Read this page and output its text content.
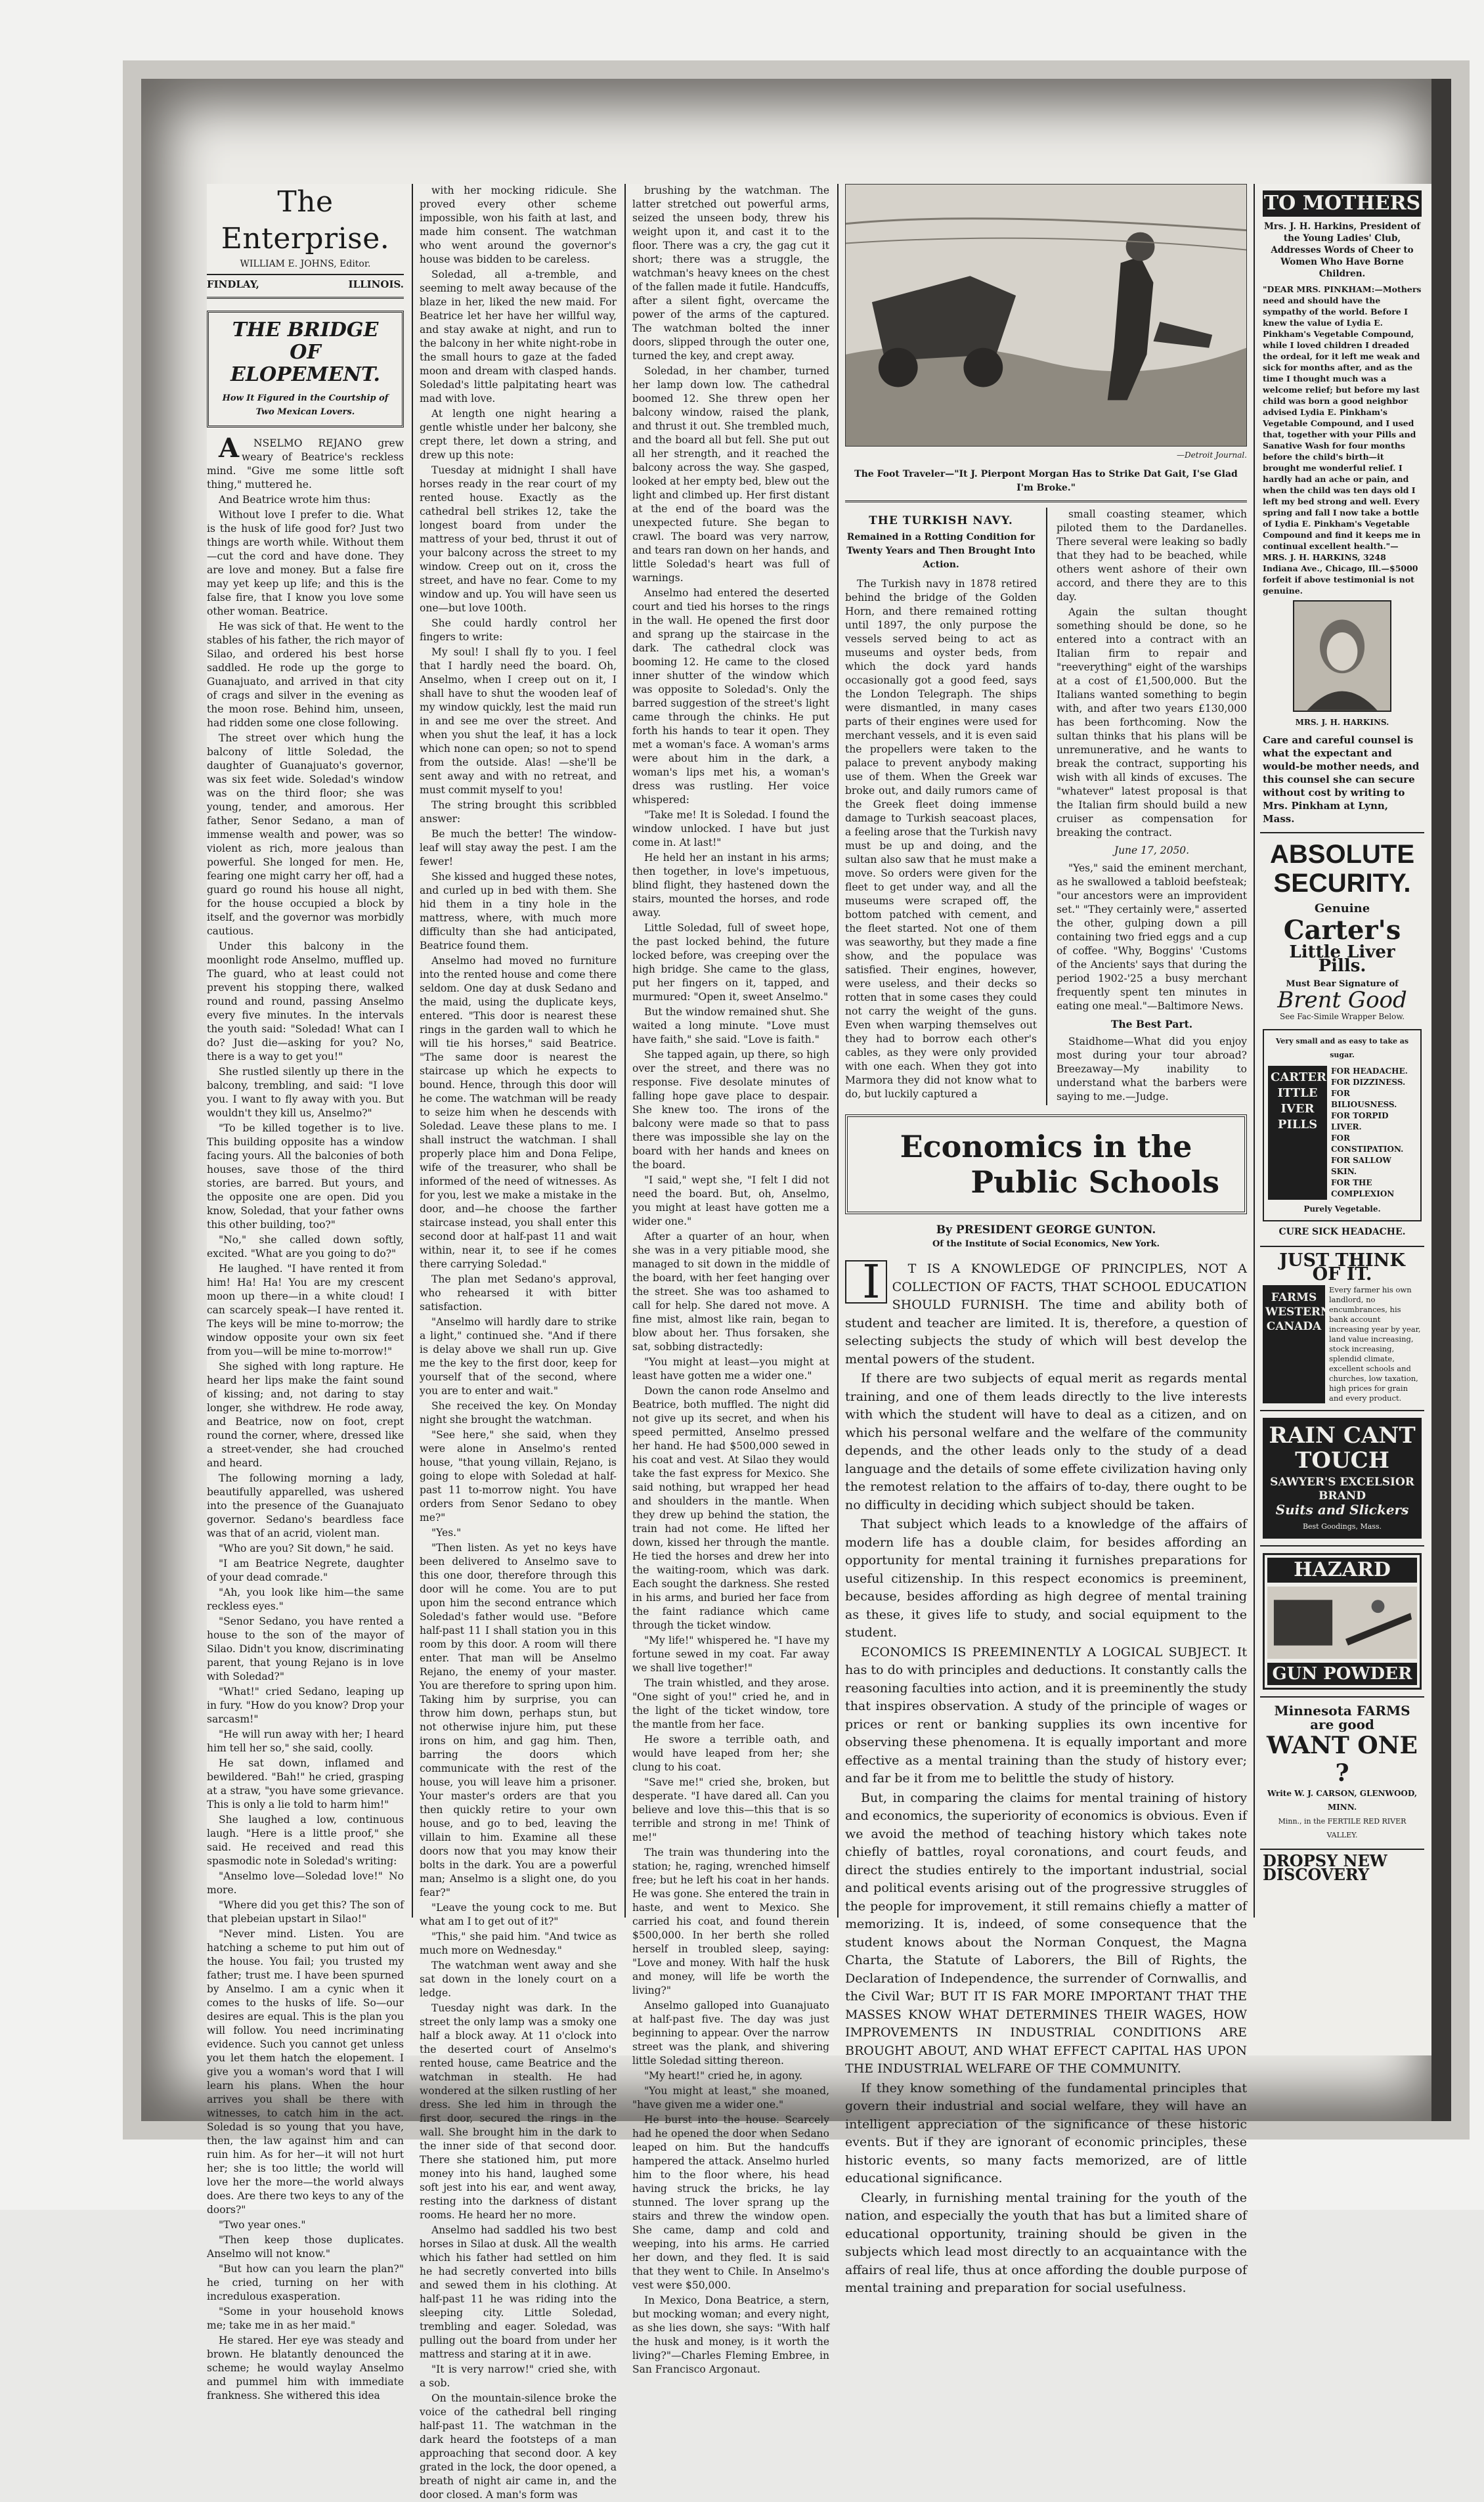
The Enterprise.
WILLIAM E. JOHNS, Editor.
FINDLAY,	ILLINOIS.
THE BRIDGE OF ELOPEMENT.
How It Figured in the Courtship of Two Mexican Lovers.

ANSELMO REJANO grew weary of Beatrice's reckless mind. "Give me some little soft thing," muttered he.

And Beatrice wrote him thus:

Without love I prefer to die. What is the husk of life good for? Just two things are worth while. Without them—cut the cord and have done. They are love and money. But a false fire may yet keep up life; and this is the false fire, that I know you love some other woman. Beatrice.

He was sick of that. He went to the stables of his father, the rich mayor of Silao, and ordered his best horse saddled. He rode up the gorge to Guanajuato, and arrived in that city of crags and silver in the evening as the moon rose. Behind him, unseen, had ridden some one close following.

The street over which hung the balcony of little Soledad, the daughter of Guanajuato's governor, was six feet wide. Soledad's window was on the third floor; she was young, tender, and amorous. Her father, Senor Sedano, a man of immense wealth and power, was so violent as rich, more jealous than powerful. She longed for men. He, fearing one might carry her off, had a guard go round his house all night, for the house occupied a block by itself, and the governor was morbidly cautious.

Under this balcony in the moonlight rode Anselmo, muffled up. The guard, who at least could not prevent his stopping there, walked round and round, passing Anselmo every five minutes. In the intervals the youth said: "Soledad! What can I do? Just die—asking for you? No, there is a way to get you!"

She rustled silently up there in the balcony, trembling, and said: "I love you. I want to fly away with you. But wouldn't they kill us, Anselmo?"

"To be killed together is to live. This building opposite has a window facing yours. All the balconies of both houses, save those of the third stories, are barred. But yours, and the opposite one are open. Did you know, Soledad, that your father owns this other building, too?"

"No," she called down softly, excited. "What are you going to do?"

He laughed. "I have rented it from him! Ha! Ha! You are my crescent moon up there—in a white cloud! I can scarcely speak—I have rented it. The keys will be mine to-morrow; the window opposite your own six feet from you—will be mine to-morrow!"

She sighed with long rapture. He heard her lips make the faint sound of kissing; and, not daring to stay longer, she withdrew. He rode away, and Beatrice, now on foot, crept round the corner, where, dressed like a street-vender, she had crouched and heard.

The following morning a lady, beautifully apparelled, was ushered into the presence of the Guanajuato governor. Sedano's beardless face was that of an acrid, violent man.

"Who are you? Sit down," he said.

"I am Beatrice Negrete, daughter of your dead comrade."

"Ah, you look like him—the same reckless eyes."

"Senor Sedano, you have rented a house to the son of the mayor of Silao. Didn't you know, discriminating parent, that young Rejano is in love with Soledad?"

"What!" cried Sedano, leaping up in fury. "How do you know? Drop your sarcasm!"

"He will run away with her; I heard him tell her so," she said, coolly.

He sat down, inflamed and bewildered. "Bah!" he cried, grasping at a straw, "you have some grievance. This is only a lie told to harm him!"

She laughed a low, continuous laugh. "Here is a little proof," she said. He received and read this spasmodic note in Soledad's writing:

"Anselmo love—Soledad love!" No more.

"Where did you get this? The son of that plebeian upstart in Silao!"

"Never mind. Listen. You are hatching a scheme to put him out of the house. You fail; you trusted my father; trust me. I have been spurned by Anselmo. I am a cynic when it comes to the husks of life. So—our desires are equal. This is the plan you will follow. You need incriminating evidence. Such you cannot get unless you let them hatch the elopement. I give you a woman's word that I will learn his plans. When the hour arrives you shall be there with witnesses, to catch him in the act. Soledad is so young that you have, then, the law against him and can ruin him. As for her—it will not hurt her; she is too little; the world will love her the more—the world always does. Are there two keys to any of the doors?"

"Two year ones."

"Then keep those duplicates. Anselmo will not know."

"But how can you learn the plan?" he cried, turning on her with incredulous exasperation.

"Some in your household knows me; take me in as her maid."

He stared. Her eye was steady and brown. He blatantly denounced the scheme; he would waylay Anselmo and pummel him with immediate frankness. She withered this idea

with her mocking ridicule. She proved every other scheme impossible, won his faith at last, and made him consent. The watchman who went around the governor's house was bidden to be careless.

Soledad, all a-tremble, and seeming to melt away because of the blaze in her, liked the new maid. For Beatrice let her have her willful way, and stay awake at night, and run to the balcony in her white night-robe in the small hours to gaze at the faded moon and dream with clasped hands. Soledad's little palpitating heart was mad with love.

At length one night hearing a gentle whistle under her balcony, she crept there, let down a string, and drew up this note:

Tuesday at midnight I shall have horses ready in the rear court of my rented house. Exactly as the cathedral bell strikes 12, take the longest board from under the mattress of your bed, thrust it out of your balcony across the street to my window. Creep out on it, cross the street, and have no fear. Come to my window and up. You will have seen us one—but love 100th.

She could hardly control her fingers to write:

My soul! I shall fly to you. I feel that I hardly need the board. Oh, Anselmo, when I creep out on it, I shall have to shut the wooden leaf of my window quickly, lest the maid run in and see me over the street. And when you shut the leaf, it has a lock which none can open; so not to spend from the outside. Alas! —she'll be sent away and with no retreat, and must commit myself to you!

The string brought this scribbled answer:

Be much the better! The window-leaf will stay away the pest. I am the fewer!

She kissed and hugged these notes, and curled up in bed with them. She hid them in a tiny hole in the mattress, where, with much more difficulty than she had anticipated, Beatrice found them.

Anselmo had moved no furniture into the rented house and come there seldom. One day at dusk Sedano and the maid, using the duplicate keys, entered. "This door is nearest these rings in the garden wall to which he will tie his horses," said Beatrice. "The same door is nearest the staircase up which he expects to bound. Hence, through this door will he come. The watchman will be ready to seize him when he descends with Soledad. Leave these plans to me. I shall instruct the watchman. I shall properly place him and Dona Felipe, wife of the treasurer, who shall be informed of the need of witnesses. As for you, lest we make a mistake in the door, and—he choose the farther staircase instead, you shall enter this second door at half-past 11 and wait within, near it, to see if he comes there carrying Soledad."

The plan met Sedano's approval, who rehearsed it with bitter satisfaction.

"Anselmo will hardly dare to strike a light," continued she. "And if there is delay above we shall run up. Give me the key to the first door, keep for yourself that of the second, where you are to enter and wait."

She received the key. On Monday night she brought the watchman.

"See here," she said, when they were alone in Anselmo's rented house, "that young villain, Rejano, is going to elope with Soledad at half-past 11 to-morrow night. You have orders from Senor Sedano to obey me?"

"Yes."

"Then listen. As yet no keys have been delivered to Anselmo save to this one door, therefore through this door will he come. You are to put upon him the second entrance which Soledad's father would use. "Before half-past 11 I shall station you in this room by this door. A room will there enter. That man will be Anselmo Rejano, the enemy of your master. You are therefore to spring upon him. Taking him by surprise, you can throw him down, perhaps stun, but not otherwise injure him, put these irons on him, and gag him. Then, barring the doors which communicate with the rest of the house, you will leave him a prisoner. Your master's orders are that you then quickly retire to your own house, and go to bed, leaving the villain to him. Examine all these doors now that you may know their bolts in the dark. You are a powerful man; Anselmo is a slight one, do you fear?"

"Leave the young cock to me. But what am I to get out of it?"

"This," she paid him. "And twice as much more on Wednesday."

The watchman went away and she sat down in the lonely court on a ledge.

Tuesday night was dark. In the street the only lamp was a smoky one half a block away. At 11 o'clock into the deserted court of Anselmo's rented house, came Beatrice and the watchman in stealth. He had wondered at the silken rustling of her dress. She led him in through the first door, secured the rings in the wall. She brought him in the dark to the inner side of that second door. There she stationed him, put more money into his hand, laughed some soft jest into his ear, and went away, resting into the darkness of distant rooms. He heard her no more.

Anselmo had saddled his two best horses in Silao at dusk. All the wealth which his father had settled on him he had secretly converted into bills and sewed them in his clothing. At half-past 11 he was riding into the sleeping city. Little Soledad, trembling and eager. Soledad, was pulling out the board from under her mattress and staring at it in awe.

"It is very narrow!" cried she, with a sob.

On the mountain-silence broke the voice of the cathedral bell ringing half-past 11. The watchman in the dark heard the footsteps of a man approaching that second door. A key grated in the lock, the door opened, a breath of night air came in, and the door closed. A man's form was

brushing by the watchman. The latter stretched out powerful arms, seized the unseen body, threw his weight upon it, and cast it to the floor. There was a cry, the gag cut it short; there was a struggle, the watchman's heavy knees on the chest of the fallen made it futile. Handcuffs, after a silent fight, overcame the power of the arms of the captured. The watchman bolted the inner doors, slipped through the outer one, turned the key, and crept away.

Soledad, in her chamber, turned her lamp down low. The cathedral boomed 12. She threw open her balcony window, raised the plank, and thrust it out. She trembled much, and the board all but fell. She put out all her strength, and it reached the balcony across the way. She gasped, looked at her empty bed, blew out the light and climbed up. Her first distant at the end of the board was the unexpected future. She began to crawl. The board was very narrow, and tears ran down on her hands, and little Soledad's heart was full of warnings.

Anselmo had entered the deserted court and tied his horses to the rings in the wall. He opened the first door and sprang up the staircase in the dark. The cathedral clock was booming 12. He came to the closed inner shutter of the window which was opposite to Soledad's. Only the barred suggestion of the street's light came through the chinks. He put forth his hands to tear it open. They met a woman's face. A woman's arms were about him in the dark, a woman's lips met his, a woman's dress was rustling. Her voice whispered:

"Take me! It is Soledad. I found the window unlocked. I have but just come in. At last!"

He held her an instant in his arms; then together, in love's impetuous, blind flight, they hastened down the stairs, mounted the horses, and rode away.

Little Soledad, full of sweet hope, the past locked behind, the future locked before, was creeping over the high bridge. She came to the glass, put her fingers on it, tapped, and murmured: "Open it, sweet Anselmo."

But the window remained shut. She waited a long minute. "Love must have faith," she said. "Love is faith."

She tapped again, up there, so high over the street, and there was no response. Five desolate minutes of falling hope gave place to despair. She knew too. The irons of the balcony were made so that to pass there was impossible she lay on the board with her hands and knees on the board.

"I said," wept she, "I felt I did not need the board. But, oh, Anselmo, you might at least have gotten me a wider one."

After a quarter of an hour, when she was in a very pitiable mood, she managed to sit down in the middle of the board, with her feet hanging over the street. She was too ashamed to call for help. She dared not move. A fine mist, almost like rain, began to blow about her. Thus forsaken, she sat, sobbing distractedly:

"You might at least—you might at least have gotten me a wider one."

Down the canon rode Anselmo and Beatrice, both muffled. The night did not give up its secret, and when his speed permitted, Anselmo pressed her hand. He had $500,000 sewed in his coat and vest. At Silao they would take the fast express for Mexico. She said nothing, but wrapped her head and shoulders in the mantle. When they drew up behind the station, the train had not come. He lifted her down, kissed her through the mantle. He tied the horses and drew her into the waiting-room, which was dark. Each sought the darkness. She rested in his arms, and buried her face from the faint radiance which came through the ticket window.

"My life!" whispered he. "I have my fortune sewed in my coat. Far away we shall live together!"

The train whistled, and they arose. "One sight of you!" cried he, and in the light of the ticket window, tore the mantle from her face.

He swore a terrible oath, and would have leaped from her; she clung to his coat.

"Save me!" cried she, broken, but desperate. "I have dared all. Can you believe and love this—this that is so terrible and strong in me! Think of me!"

The train was thundering into the station; he, raging, wrenched himself free; but he left his coat in her hands. He was gone. She entered the train in haste, and went to Mexico. She carried his coat, and found therein $500,000. In her berth she rolled herself in troubled sleep, saying: "Love and money. With half the husk and money, will life be worth the living?"

Anselmo galloped into Guanajuato at half-past five. The day was just beginning to appear. Over the narrow street was the plank, and shivering little Soledad sitting thereon.

"My heart!" cried he, in agony.

"You might at least," she moaned, "have given me a wider one."

He burst into the house. Scarcely had he opened the door when Sedano leaped on him. But the handcuffs hampered the attack. Anselmo hurled him to the floor where, his head having struck the bricks, he lay stunned. The lover sprang up the stairs and threw the window open. She came, damp and cold and weeping, into his arms. He carried her down, and they fled. It is said that they went to Chile. In Anselmo's vest were $50,000.

In Mexico, Dona Beatrice, a stern, but mocking woman; and every night, as she lies down, she says: "With half the husk and money, is it worth the living?"—Charles Fleming Embree, in San Francisco Argonaut.

—Detroit Journal.
The Foot Traveler—"It J. Pierpont Morgan Has to Strike Dat Gait, I'se Glad I'm Broke."
THE TURKISH NAVY.
Remained in a Rotting Condition for Twenty Years and Then Brought Into Action.

The Turkish navy in 1878 retired behind the bridge of the Golden Horn, and there remained rotting until 1897, the only purpose the vessels served being to act as museums and oyster beds, from which the dock yard hands occasionally got a good feed, says the London Telegraph. The ships were dismantled, in many cases parts of their engines were used for merchant vessels, and it is even said the propellers were taken to the palace to prevent anybody making use of them. When the Greek war broke out, and daily rumors came of the Greek fleet doing immense damage to Turkish seacoast places, a feeling arose that the Turkish navy must be up and doing, and the sultan also saw that he must make a move. So orders were given for the fleet to get under way, and all the museums were scraped off, the bottom patched with cement, and the fleet started. Not one of them was seaworthy, but they made a fine show, and the populace was satisfied. Their engines, however, were useless, and their decks so rotten that in some cases they could not carry the weight of the guns. Even when warping themselves out they had to borrow each other's cables, as they were only provided with one each. When they got into Marmora they did not know what to do, but luckily captured a

small coasting steamer, which piloted them to the Dardanelles. There several were leaking so badly that they had to be beached, while others went ashore of their own accord, and there they are to this day.

Again the sultan thought something should be done, so he entered into a contract with an Italian firm to repair and "reeverything" eight of the warships at a cost of £1,500,000. But the Italians wanted something to begin with, and after two years £130,000 has been forthcoming. Now the sultan thinks that his plans will be unremunerative, and he wants to break the contract, supporting his wish with all kinds of excuses. The "whatever" latest proposal is that the Italian firm should build a new cruiser as compensation for breaking the contract.

June 17, 2050.

"Yes," said the eminent merchant, as he swallowed a tabloid beefsteak; "our ancestors were an improvident set." "They certainly were," asserted the other, gulping down a pill containing two fried eggs and a cup of coffee. "Why, Boggins' 'Customs of the Ancients' says that during the period 1902-'25 a busy merchant frequently spent ten minutes in eating one meal."—Baltimore News.

The Best Part.

Staidhome—What did you enjoy most during your tour abroad? Breezaway—My inability to understand what the barbers were saying to me.—Judge.

Economics in the
Public Schools
By PRESIDENT GEORGE GUNTON.
Of the Institute of Social Economics, New York.

IT IS A KNOWLEDGE OF PRINCIPLES, NOT A COLLECTION OF FACTS, THAT SCHOOL EDUCATION SHOULD FURNISH. The time and ability both of student and teacher are limited. It is, therefore, a question of selecting subjects the study of which will best develop the mental powers of the student.

If there are two subjects of equal merit as regards mental training, and one of them leads directly to the live interests with which the student will have to deal as a citizen, and on which his personal welfare and the welfare of the community depends, and the other leads only to the study of a dead language and the details of some effete civilization having only the remotest relation to the affairs of to-day, there ought to be no difficulty in deciding which subject should be taken.

That subject which leads to a knowledge of the affairs of modern life has a double claim, for besides affording an opportunity for mental training it furnishes preparations for useful citizenship. In this respect economics is preeminent, because, besides affording as high degree of mental training as these, it gives life to study, and social equipment to the student.

ECONOMICS IS PREEMINENTLY A LOGICAL SUBJECT. It has to do with principles and deductions. It constantly calls the reasoning faculties into action, and it is preeminently the study that inspires observation. A study of the principle of wages or prices or rent or banking supplies its own incentive for observing these phenomena. It is equally important and more effective as a mental training than the study of history ever; and far be it from me to belittle the study of history.

But, in comparing the claims for mental training of history and economics, the superiority of economics is obvious. Even if we avoid the method of teaching history which takes note chiefly of battles, royal coronations, and court feuds, and direct the studies entirely to the important industrial, social and political events arising out of the progressive struggles of the people for improvement, it still remains chiefly a matter of memorizing. It is, indeed, of some consequence that the student knows about the Norman Conquest, the Magna Charta, the Statute of Laborers, the Bill of Rights, the Declaration of Independence, the surrender of Cornwallis, and the Civil War; BUT IT IS FAR MORE IMPORTANT THAT THE MASSES KNOW WHAT DETERMINES THEIR WAGES, HOW IMPROVEMENTS IN INDUSTRIAL CONDITIONS ARE BROUGHT ABOUT, AND WHAT EFFECT CAPITAL HAS UPON THE INDUSTRIAL WELFARE OF THE COMMUNITY.

If they know something of the fundamental principles that govern their industrial and social welfare, they will have an intelligent appreciation of the significance of these historic events. But if they are ignorant of economic principles, these historic events, so many facts memorized, are of little educational significance.

Clearly, in furnishing mental training for the youth of the nation, and especially the youth that has but a limited share of educational opportunity, training should be given in the subjects which lead most directly to an acquaintance with the affairs of real life, thus at once affording the double purpose of mental training and preparation for social usefulness.

TO MOTHERS
Mrs. J. H. Harkins, President of the Young Ladies' Club, Addresses Words of Cheer to Women Who Have Borne Children.
"DEAR MRS. PINKHAM:—Mothers need and should have the sympathy of the world. Before I knew the value of Lydia E. Pinkham's Vegetable Compound, while I loved children I dreaded the ordeal, for it left me weak and sick for months after, and as the time I thought much was a welcome relief; but before my last child was born a good neighbor advised Lydia E. Pinkham's Vegetable Compound, and I used that, together with your Pills and Sanative Wash for four months before the child's birth—it brought me wonderful relief. I hardly had an ache or pain, and when the child was ten days old I left my bed strong and well. Every spring and fall I now take a bottle of Lydia E. Pinkham's Vegetable Compound and find it keeps me in continual excellent health."—MRS. J. H. HARKINS, 3248 Indiana Ave., Chicago, Ill.—$5000 forfeit if above testimonial is not genuine.
MRS. J. H. HARKINS.
Care and careful counsel is what the expectant and would-be mother needs, and this counsel she can secure without cost by writing to Mrs. Pinkham at Lynn, Mass.
ABSOLUTE SECURITY.
Genuine
Carter's
Little Liver Pills.
Must Bear Signature of
Brent Good
See Fac-Simile Wrapper Below.
Very small and as easy to take as sugar.
CARTER'S ITTLE IVER PILLS
FOR HEADACHE.
FOR DIZZINESS.
FOR BILIOUSNESS.
FOR TORPID LIVER.
FOR CONSTIPATION.
FOR SALLOW SKIN.
FOR THE COMPLEXION
Purely Vegetable.
CURE SICK HEADACHE.
JUST THINK OF IT.
FARMS WESTERN CANADA
Every farmer his own landlord, no encumbrances, his bank account increasing year by year, land value increasing, stock increasing, splendid climate, excellent schools and churches, low taxation, high prices for grain and every product.
RAIN CANT TOUCH
SAWYER'S EXCELSIOR BRAND
Suits and Slickers
Best Goodings, Mass.
HAZARD
GUN POWDER
Minnesota FARMS are good
WANT ONE ?
Write W. J. CARSON, GLENWOOD, MINN.
Minn., in the FERTILE RED RIVER VALLEY.
DROPSY NEW DISCOVERY
